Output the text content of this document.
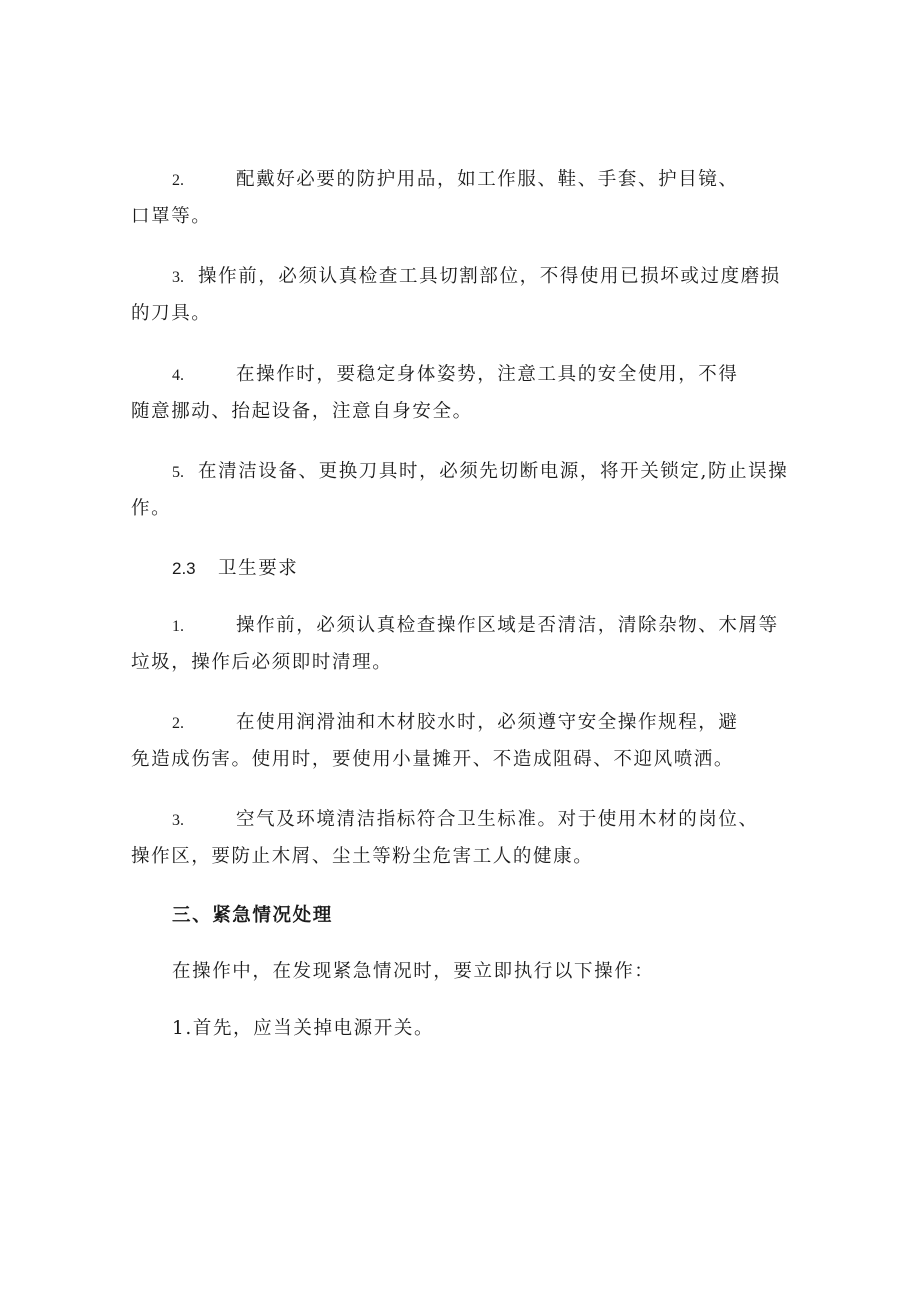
2.	配戴好必要的防护用品，如工作服、鞋、手套、护目镜、
口罩等。
3. 操作前，必须认真检查工具切割部位，不得使用已损坏或过度磨损
的刀具。
4.	在操作时，要稳定身体姿势，注意工具的安全使用，不得
随意挪动、抬起设备，注意自身安全。
5. 在清洁设备、更换刀具时，必须先切断电源，将开关锁定,防止误操
作。
2.3 卫生要求
1.	操作前，必须认真检查操作区域是否清洁，清除杂物、木屑等
垃圾，操作后必须即时清理。
2.	在使用润滑油和木材胶水时，必须遵守安全操作规程，避
免造成伤害。使用时，要使用小量摊开、不造成阻碍、不迎风喷洒。
3.	空气及环境清洁指标符合卫生标准。对于使用木材的岗位、
操作区，要防止木屑、尘土等粉尘危害工人的健康。
三、紧急情况处理
在操作中，在发现紧急情况时，要立即执行以下操作：
1.首先，应当关掉电源开关。
